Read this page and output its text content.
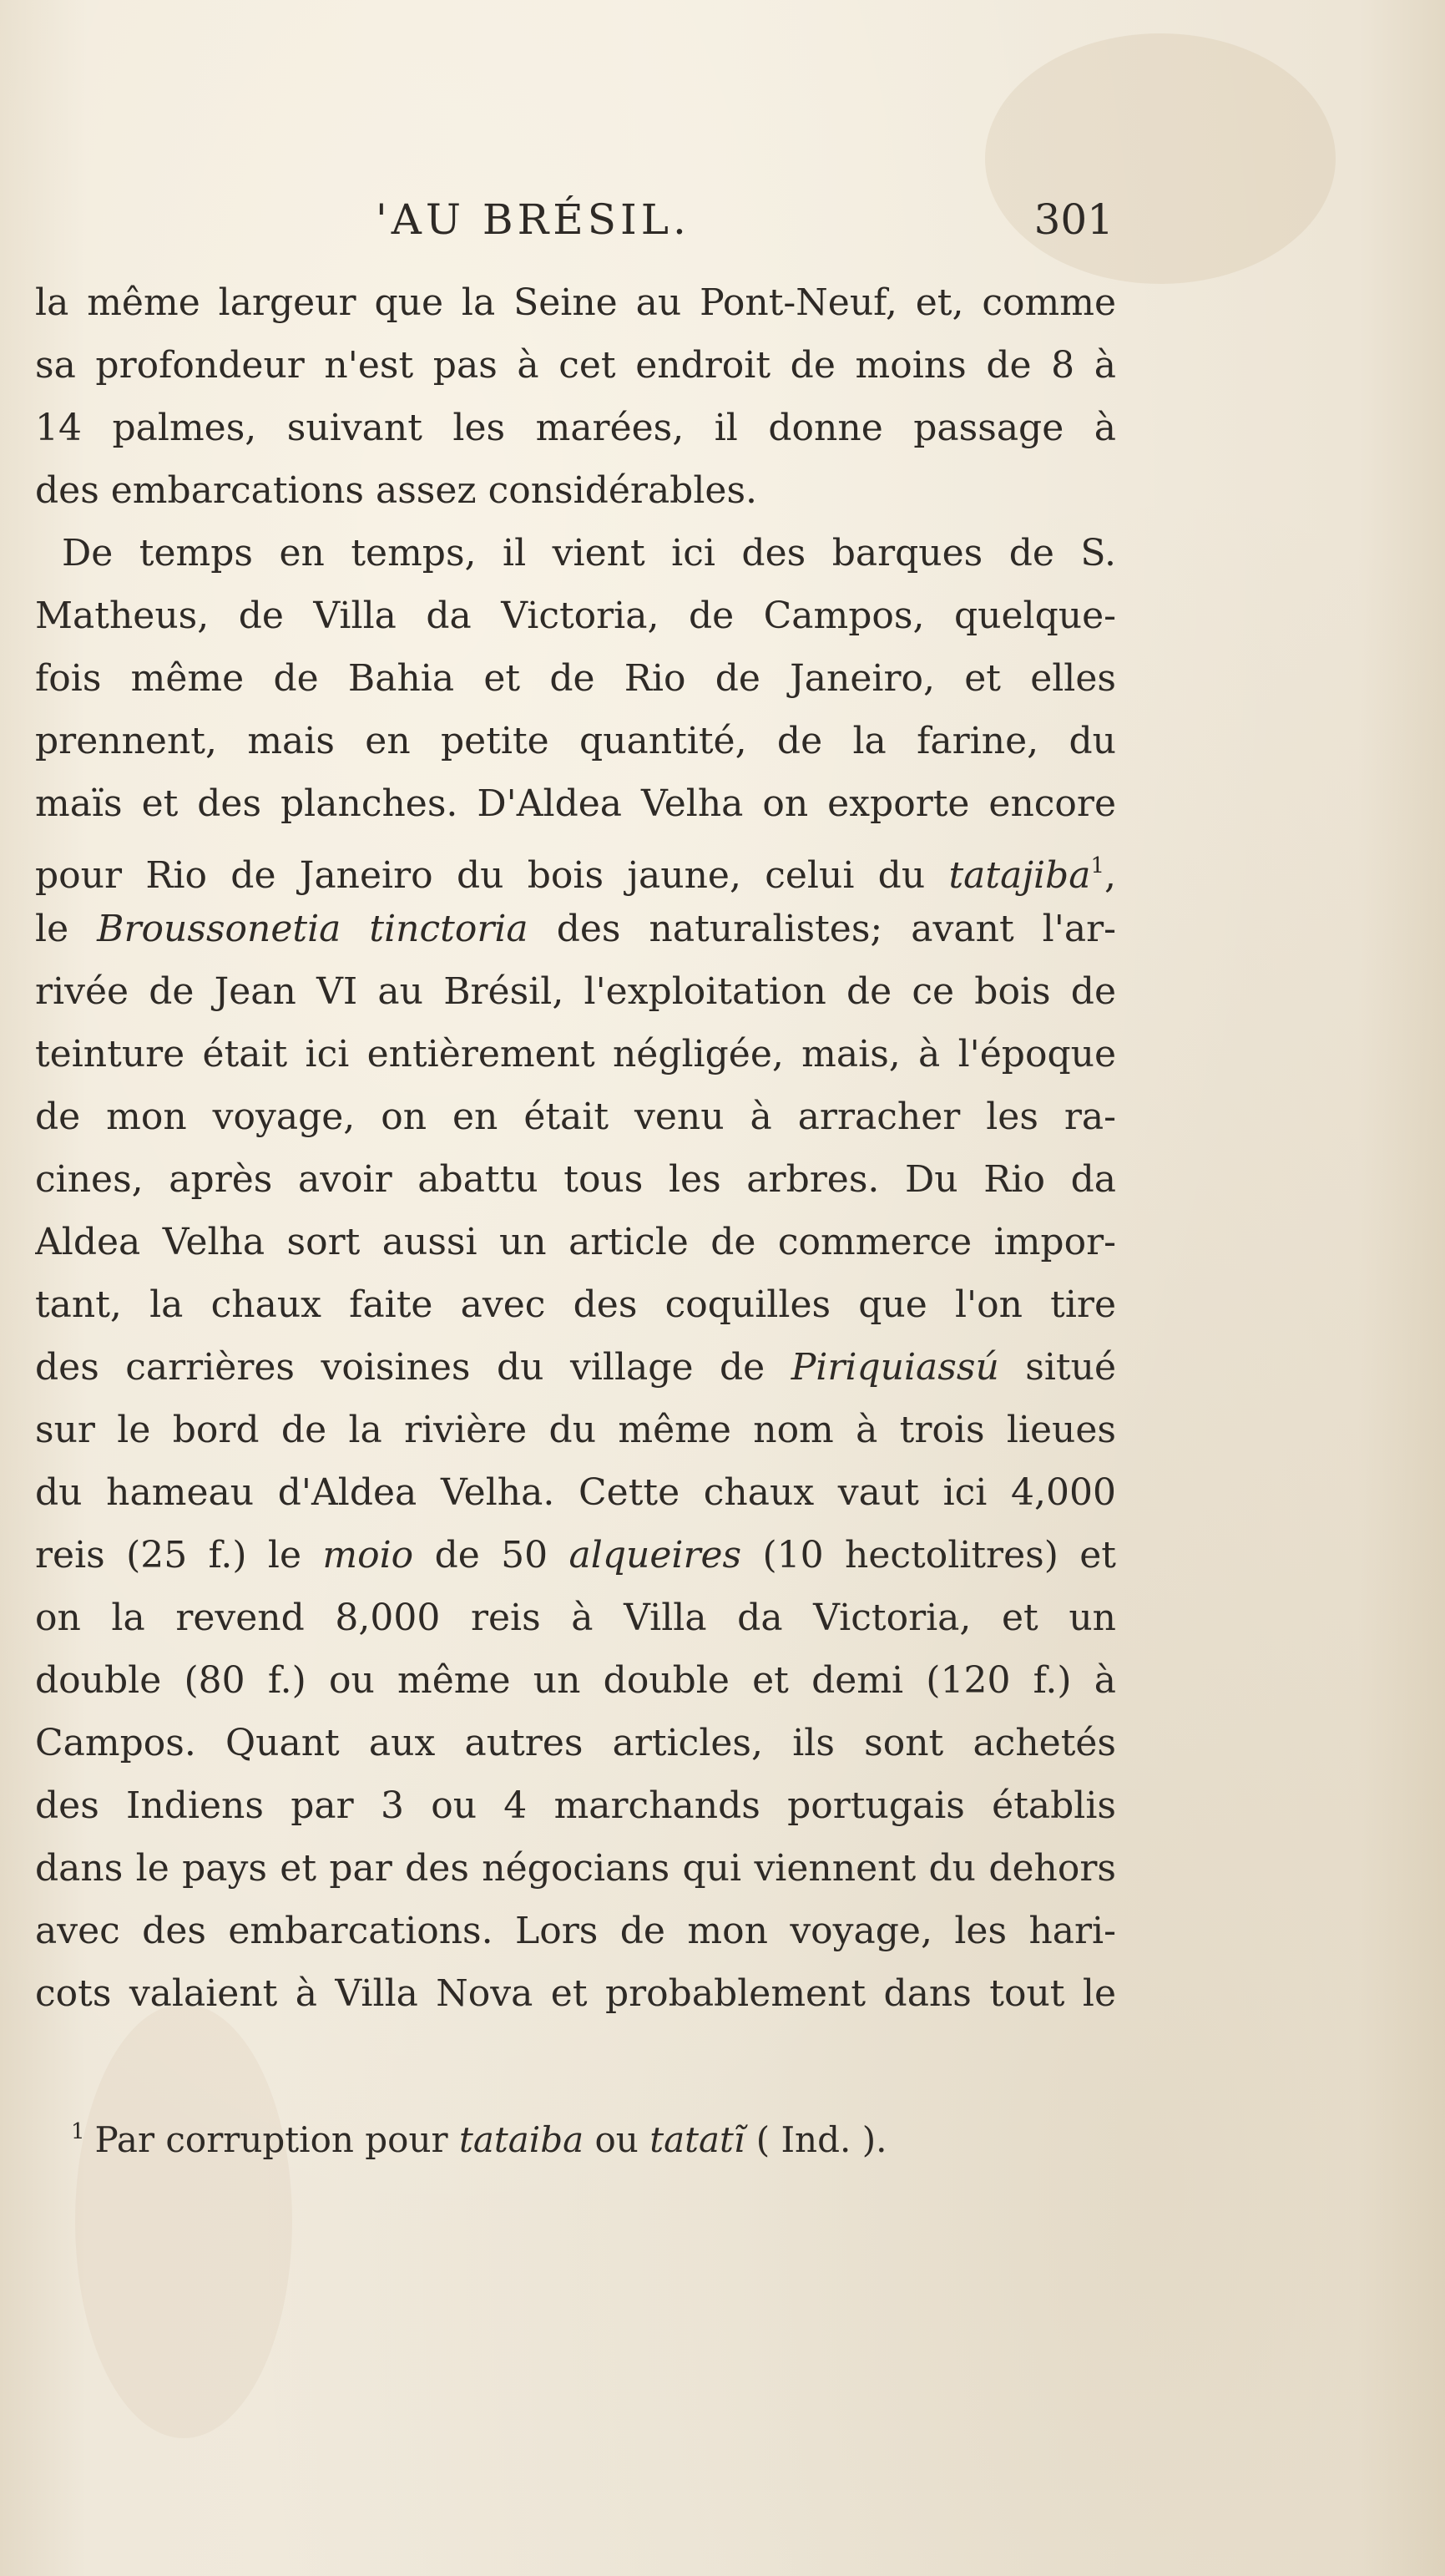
'AU BRÉSIL.	301
la même largeur que la Seine au Pont-Neuf, et, comme
sa profondeur n'est pas à cet endroit de moins de 8 à
14 palmes, suivant les marées, il donne passage à
des embarcations assez considérables.
De temps en temps, il vient ici des barques de S.
Matheus, de Villa da Victoria, de Campos, quelque-
fois même de Bahia et de Rio de Janeiro, et elles
prennent, mais en petite quantité, de la farine, du
maïs et des planches. D'Aldea Velha on exporte encore
pour Rio de Janeiro du bois jaune, celui du tatajiba$^1$,
le Broussonetia tinctoria des naturalistes; avant l'ar-
rivée de Jean VI au Brésil, l'exploitation de ce bois de
teinture était ici entièrement négligée, mais, à l'époque
de mon voyage, on en était venu à arracher les ra-
cines, après avoir abattu tous les arbres. Du Rio da
Aldea Velha sort aussi un article de commerce impor-
tant, la chaux faite avec des coquilles que l'on tire
des carrières voisines du village de Piriquiassú situé
sur le bord de la rivière du même nom à trois lieues
du hameau d'Aldea Velha. Cette chaux vaut ici 4,000
reis (25 f.) le moio de 50 alqueires (10 hectolitres) et
on la revend 8,000 reis à Villa da Victoria, et un
double (80 f.) ou même un double et demi (120 f.) à
Campos. Quant aux autres articles, ils sont achetés
des Indiens par 3 ou 4 marchands portugais établis
dans le pays et par des négocians qui viennent du dehors
avec des embarcations. Lors de mon voyage, les hari-
cots valaient à Villa Nova et probablement dans tout le
$^1$ Par corruption pour tataiba ou tatatĩ ( Ind. ).
